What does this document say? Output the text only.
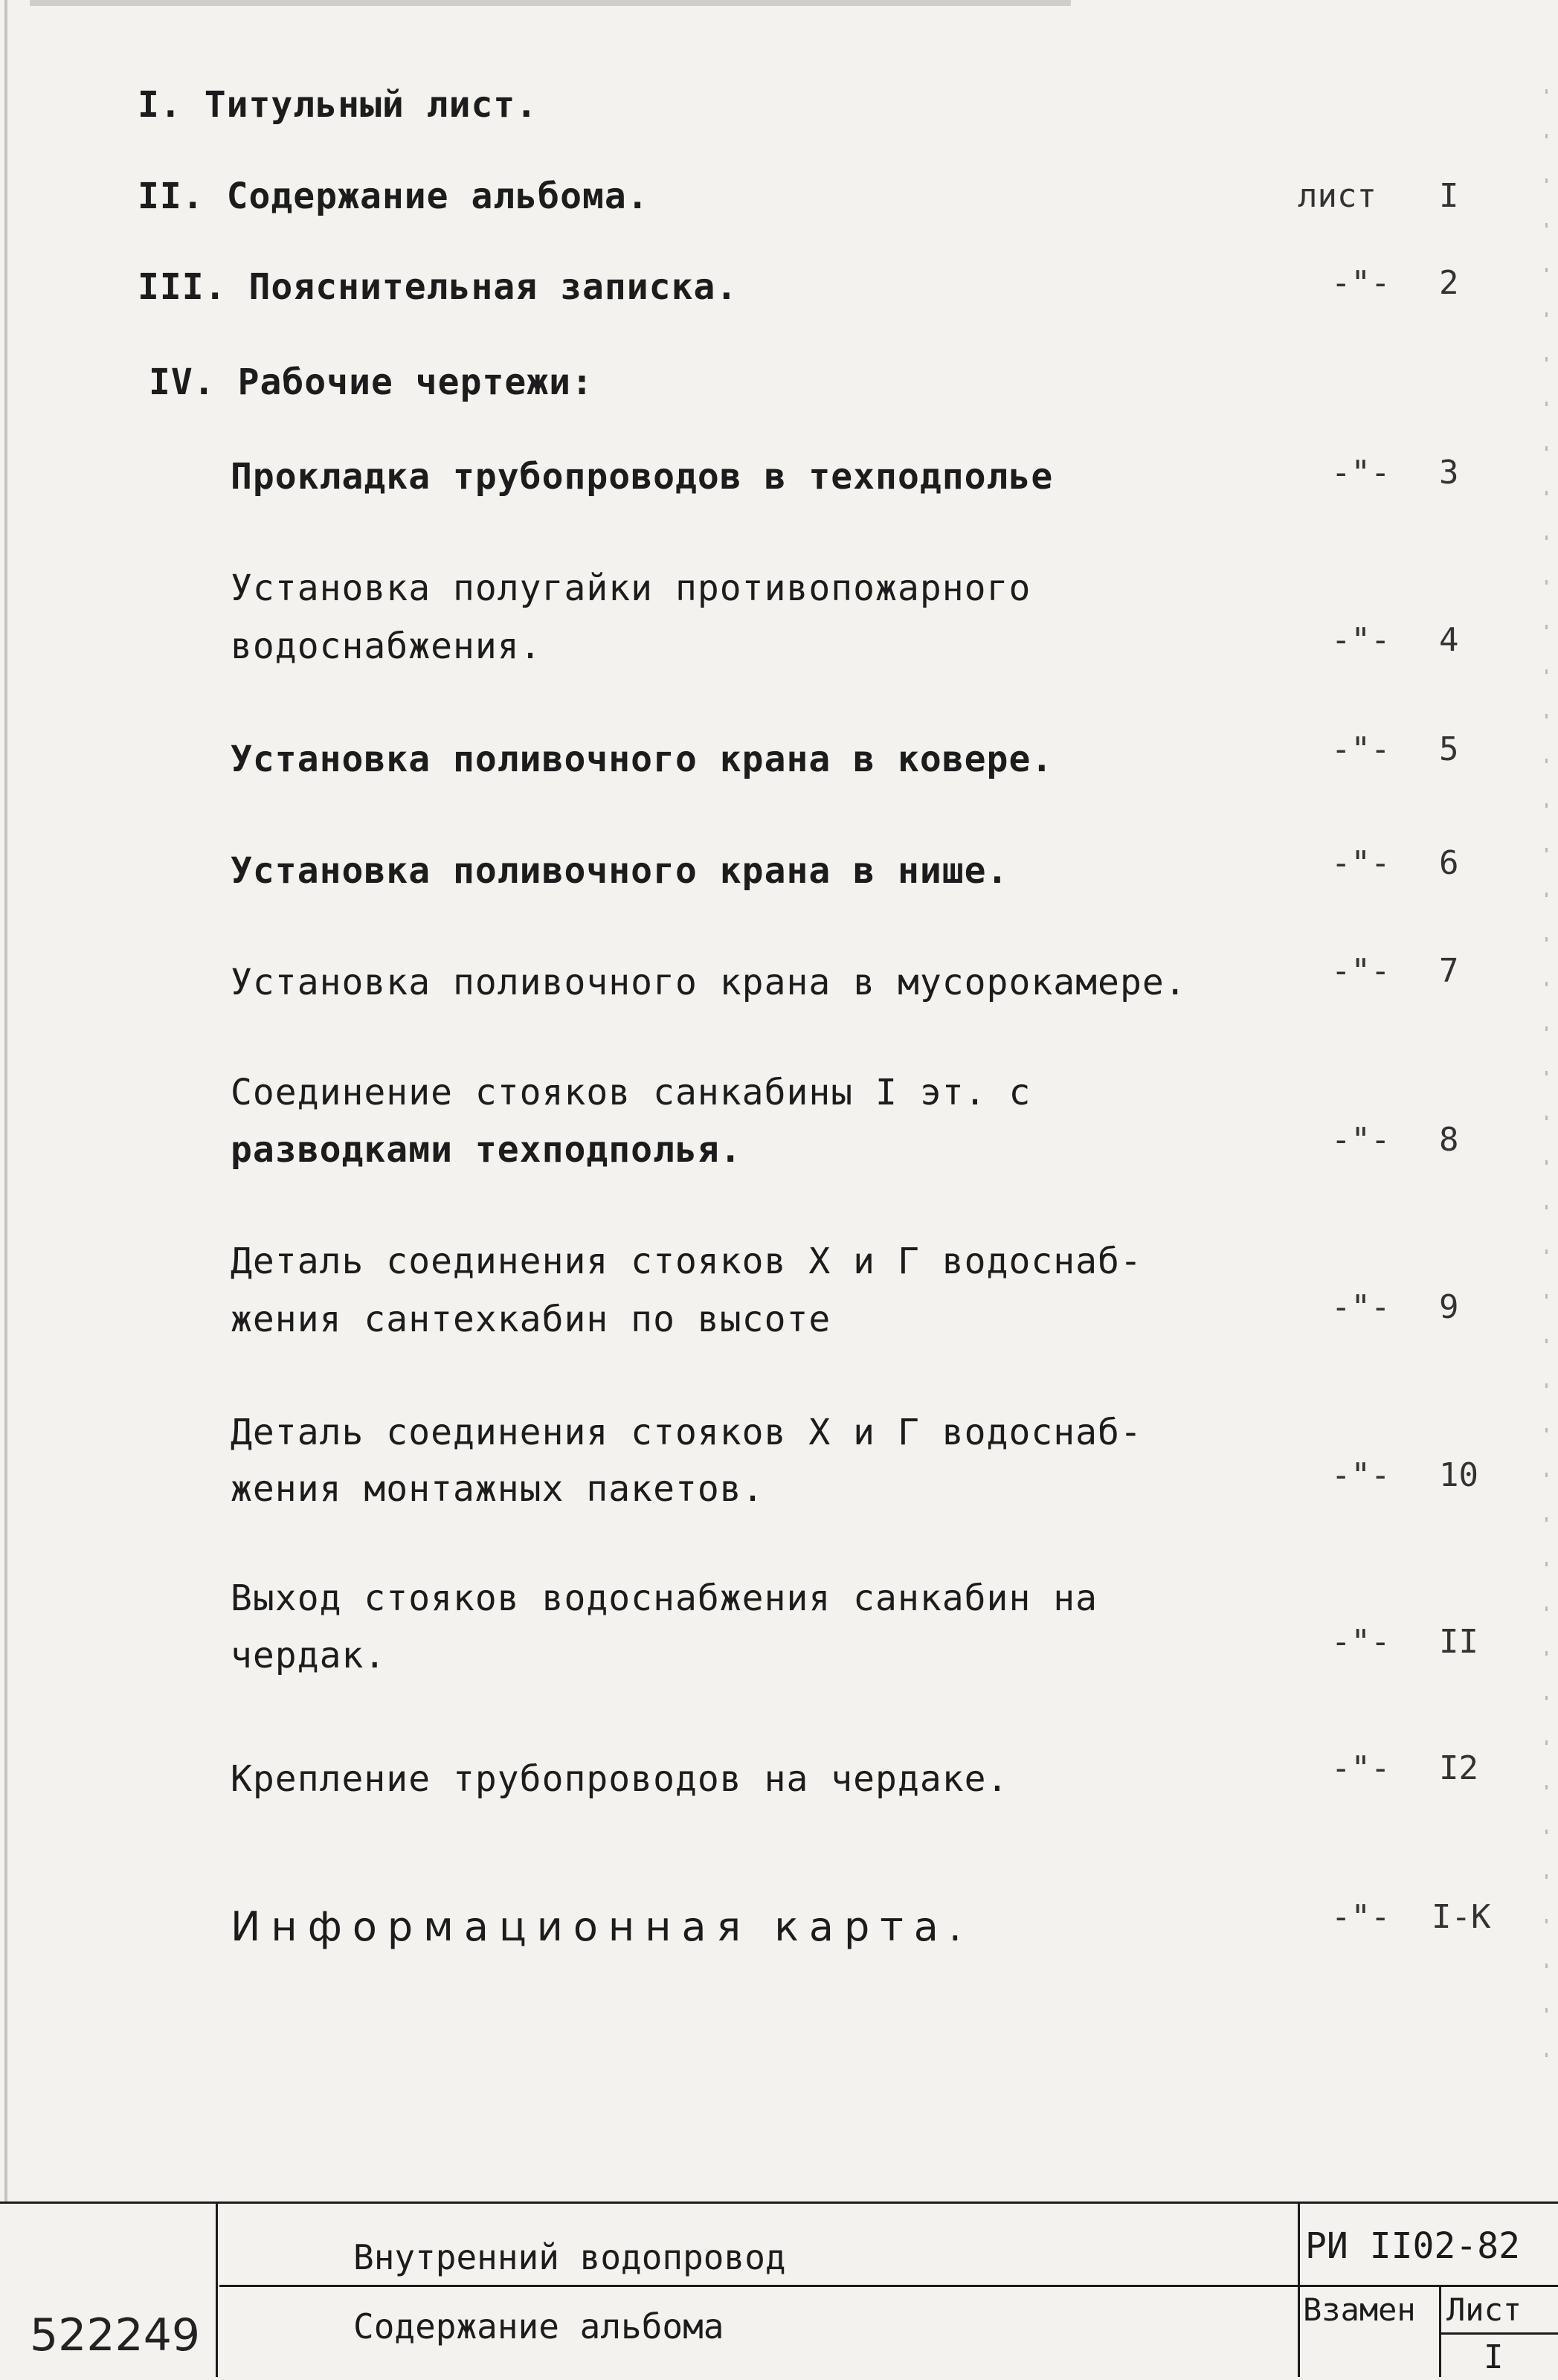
I. Титульный лист.
II. Содержание альбома.	лист I
III. Пояснительная записка.	-"- 2
IV. Рабочие чертежи:
Прокладка трубопроводов в техподполье	-"- 3
Установка полугайки противопожарного
водоснабжения.	-"- 4
Установка поливочного крана в ковере.	-"- 5
Установка поливочного крана в нише.	-"- 6
Установка поливочного крана в мусорокамере.	-"- 7
Соединение стояков санкабины I эт. с
разводками техподполья.	-"- 8
Деталь соединения стояков Х и Г водоснаб-
жения сантехкабин по высоте	-"- 9
Деталь соединения стояков Х и Г водоснаб-
жения монтажных пакетов.	-"- 10
Выход стояков водоснабжения санкабин на
чердак.	-"- II
Крепление трубопроводов на чердаке.	-"- I2
Информационная карта.	-"- I-К
Внутренний водопровод
Содержание альбома
РИ II02-82
Взамен Лист
I
522249
